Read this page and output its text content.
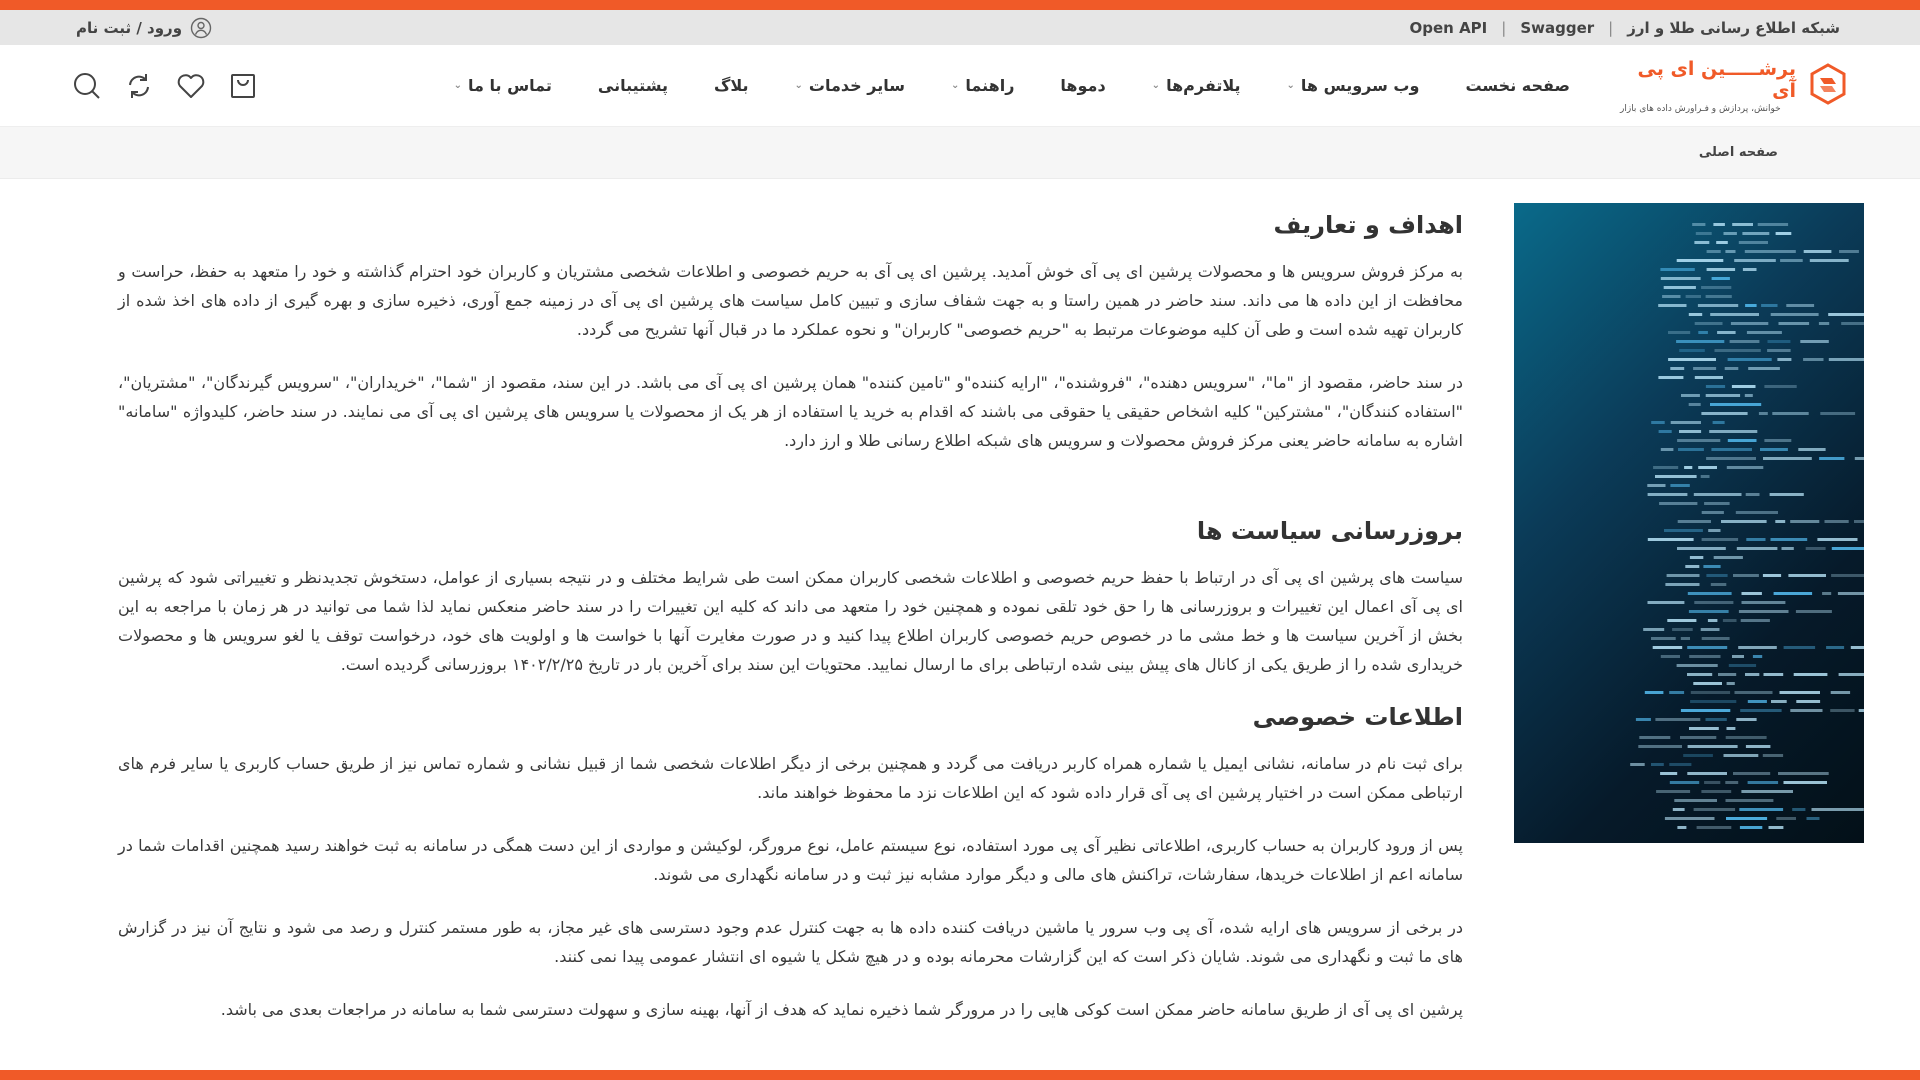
شبکه اطلاع رسانی طلا و ارز
|
Swagger
|
Open API
ورود / ثبت نام
پرشـــــین ای پی آی
خوانش، پردازش و فـراورش داده های بازار
صفحه نخست
وب سرویس ها
⌄
پلاتفرم‌ها
⌄
دموها
راهنما
⌄
سایر خدمات
⌄
بلاگ
پشتیبانی
تماس با ما
⌄
صفحه اصلی
اهداف و تعاریف

به مرکز فروش سرویس ها و محصولات پرشین ای پی آی خوش آمدید. پرشین ای پی آی به حریم خصوصی و اطلاعات شخصی مشتریان و کاربران خود احترام گذاشته و خود را متعهد به حفظ، حراست و محافظت از این داده ها می داند. سند حاضر در همین راستا و به جهت شفاف سازی و تبیین کامل سیاست های پرشین ای پی آی در زمینه جمع آوری، ذخیره سازی و بهره گیری از داده های اخذ شده از کاربران تهیه شده است و طی آن کلیه موضوعات مرتبط به "حریم خصوصی" کاربران" و نحوه عملکرد ما در قبال آنها تشریح می گردد.

در سند حاضر، مقصود از "ما"، "سرویس دهنده"، "فروشنده"، "ارایه کننده"و "تامین کننده" همان پرشین ای پی آی می باشد. در این سند، مقصود از "شما"، "خریداران"، "سرویس گیرندگان"، "مشتریان"، "استفاده کنندگان"، "مشترکین" کلیه اشخاص حقیقی یا حقوقی می باشند که اقدام به خرید یا استفاده از هر یک از محصولات یا سرویس های پرشین ای پی آی می نمایند. در سند حاضر، کلیدواژه "سامانه" اشاره به سامانه حاضر یعنی مرکز فروش محصولات و سرویس های شبکه اطلاع رسانی طلا و ارز دارد.

بروزرسانی سیاست ها

سیاست های پرشین ای پی آی در ارتباط با حفظ حریم خصوصی و اطلاعات شخصی کاربران ممکن است طی شرایط مختلف و در نتیجه بسیاری از عوامل، دستخوش تجدیدنظر و تغییراتی شود که پرشین ای پی آی اعمال این تغییرات و بروزرسانی ها را حق خود تلقی نموده و همچنین خود را متعهد می داند که کلیه این تغییرات را در سند حاضر منعکس نماید لذا شما می توانید در هر زمان با مراجعه به این بخش از آخرین سیاست ها و خط مشی ما در خصوص حریم خصوصی کاربران اطلاع پیدا کنید و در صورت مغایرت آنها با خواست ها و اولویت های خود، درخواست توقف یا لغو سرویس ها و محصولات خریداری شده را از طریق یکی از کانال های پیش بینی شده ارتباطی برای ما ارسال نمایید. محتویات این سند برای آخرین بار در تاریخ ۱۴۰۲/۲/۲۵ بروزرسانی گردیده است.

اطلاعات خصوصی

برای ثبت نام در سامانه، نشانی ایمیل یا شماره همراه کاربر دریافت می گردد و همچنین برخی از دیگر اطلاعات شخصی شما از قبیل نشانی و شماره تماس نیز از طریق حساب کاربری یا سایر فرم های ارتباطی ممکن است در اختیار پرشین ای پی آی قرار داده شود که این اطلاعات نزد ما محفوظ خواهند ماند.

پس از ورود کاربران به حساب کاربری، اطلاعاتی نظیر آی پی مورد استفاده، نوع سیستم عامل، نوع مرورگر، لوکیشن و مواردی از این دست همگی در سامانه به ثبت خواهند رسید همچنین اقدامات شما در سامانه اعم از اطلاعات خریدها، سفارشات، تراکنش های مالی و دیگر موارد مشابه نیز ثبت و در سامانه نگهداری می شوند.

در برخی از سرویس های ارایه شده، آی پی وب سرور یا ماشین دریافت کننده داده ها به جهت کنترل عدم وجود دسترسی های غیر مجاز، به طور مستمر کنترل و رصد می شود و نتایج آن نیز در گزارش های ما ثبت و نگهداری می شوند. شایان ذکر است که این گزارشات محرمانه بوده و در هیچ شکل یا شیوه ای انتشار عمومی پیدا نمی کنند.

پرشین ای پی آی از طریق سامانه حاضر ممکن است کوکی هایی را در مرورگر شما ذخیره نماید که هدف از آنها، بهینه سازی و سهولت دسترسی شما به سامانه در مراجعات بعدی می باشد.
